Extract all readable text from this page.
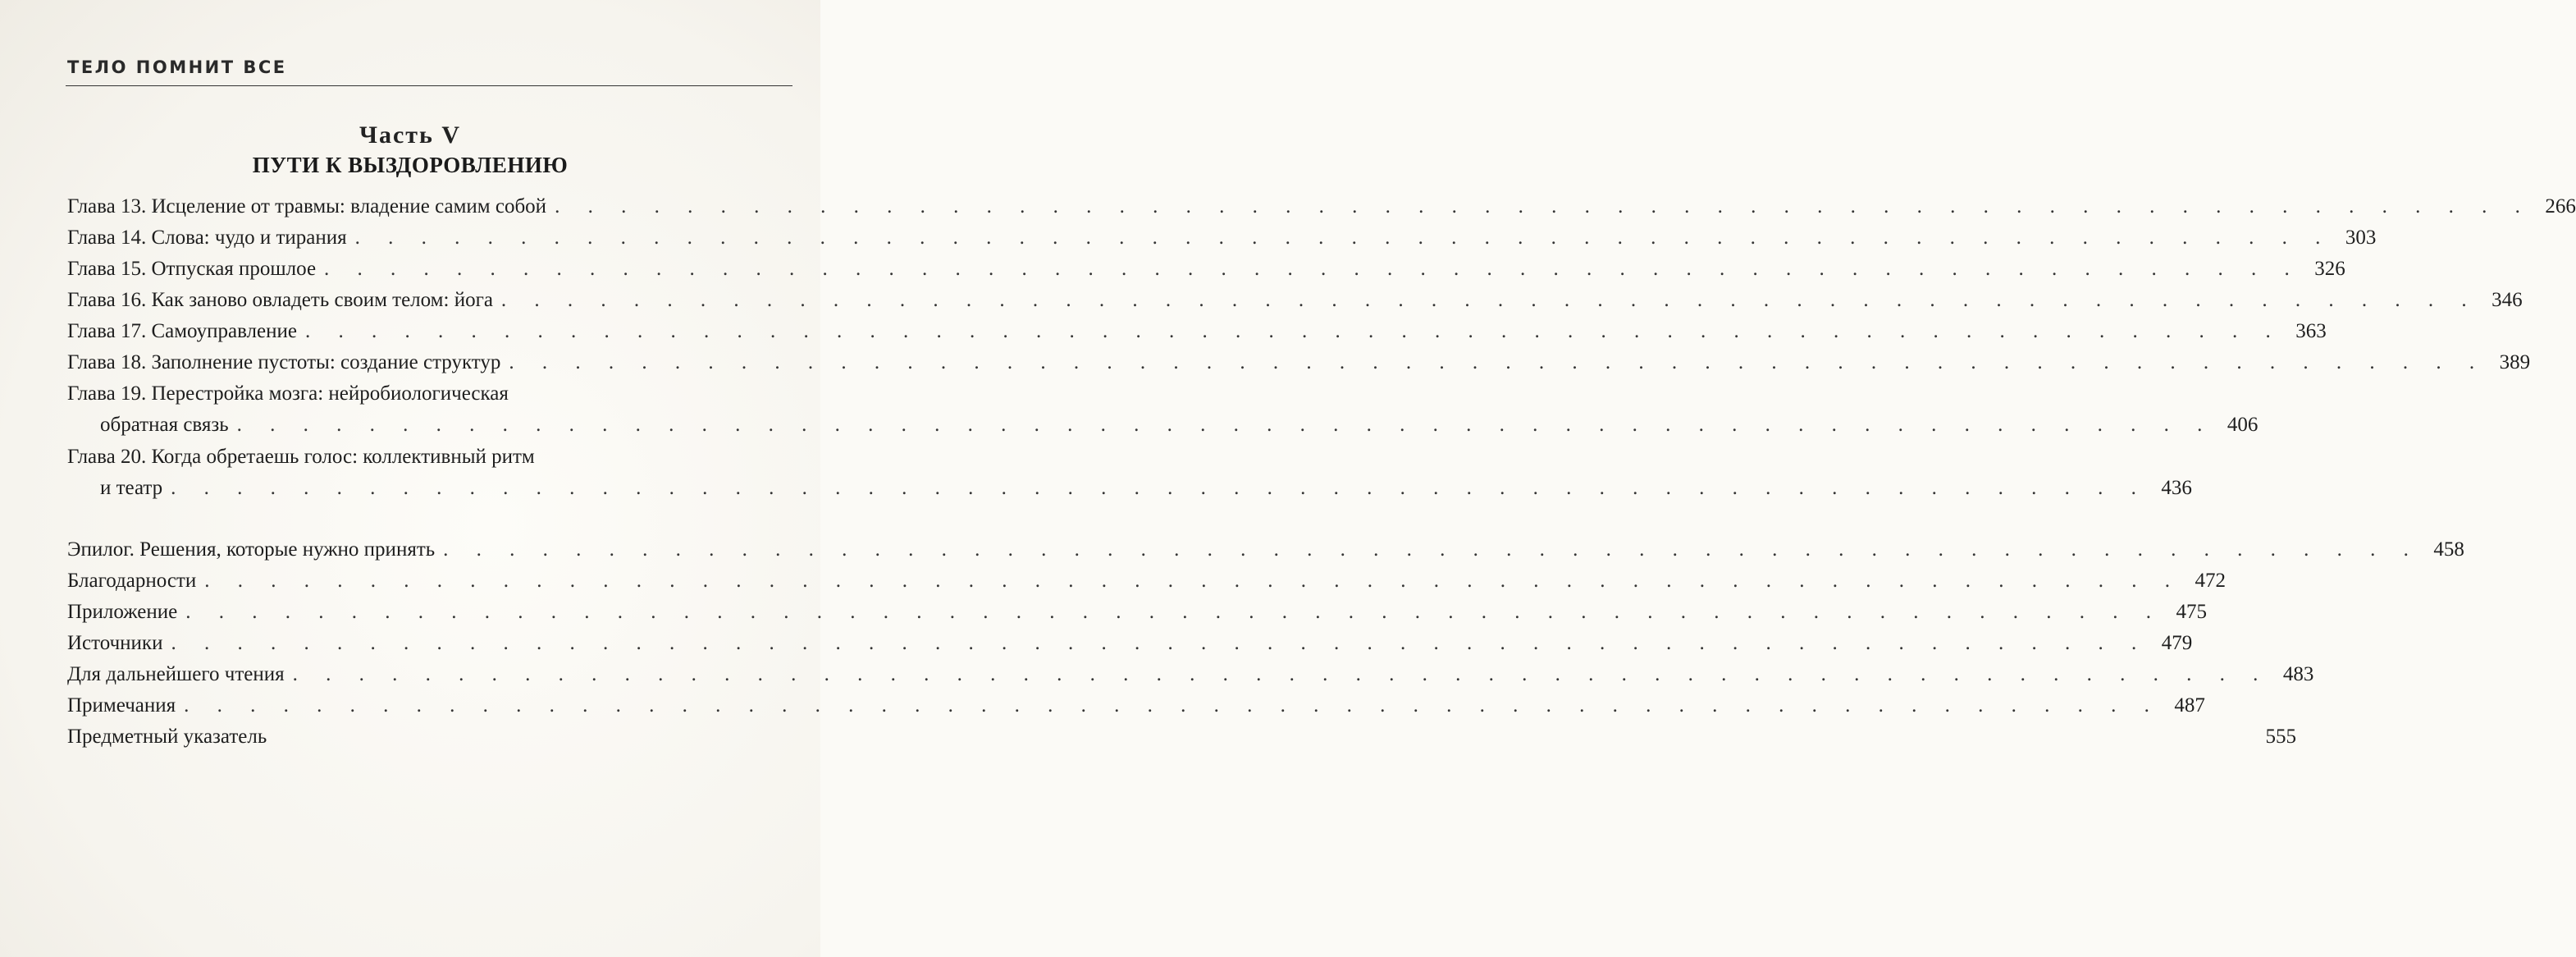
ТЕЛО ПОМНИТ ВСЕ
Часть V
ПУТИ К ВЫЗДОРОВЛЕНИЮ
Глава 13. Исцеление от травмы: владение самим собой . . . . . . . . . . . . . . . . . . . . . . . . . . . . . . . . . . . . . . . . . . . . . . . . . . . . . . . . . . . . 266
Глава 14. Слова: чудо и тирания . . . . . . . . . . . . . . . . . . . . . . . . . . . . . . . . . . . . . . . . . . . . . . . . . . . . . . . . . . . . 303
Глава 15. Отпуская прошлое . . . . . . . . . . . . . . . . . . . . . . . . . . . . . . . . . . . . . . . . . . . . . . . . . . . . . . . . . . . . 326
Глава 16. Как заново овладеть своим телом: йога . . . . . . . . . . . . . . . . . . . . . . . . . . . . . . . . . . . . . . . . . . . . . . . . . . . . . . . . . . . . 346
Глава 17. Самоуправление . . . . . . . . . . . . . . . . . . . . . . . . . . . . . . . . . . . . . . . . . . . . . . . . . . . . . . . . . . . . 363
Глава 18. Заполнение пустоты: создание структур . . . . . . . . . . . . . . . . . . . . . . . . . . . . . . . . . . . . . . . . . . . . . . . . . . . . . . . . . . . . 389
Глава 19. Перестройка мозга: нейробиологическая
обратная связь . . . . . . . . . . . . . . . . . . . . . . . . . . . . . . . . . . . . . . . . . . . . . . . . . . . . . . . . . . . . 406
Глава 20. Когда обретаешь голос: коллективный ритм
и театр . . . . . . . . . . . . . . . . . . . . . . . . . . . . . . . . . . . . . . . . . . . . . . . . . . . . . . . . . . . . 436
Эпилог. Решения, которые нужно принять . . . . . . . . . . . . . . . . . . . . . . . . . . . . . . . . . . . . . . . . . . . . . . . . . . . . . . . . . . . . 458
Благодарности . . . . . . . . . . . . . . . . . . . . . . . . . . . . . . . . . . . . . . . . . . . . . . . . . . . . . . . . . . . . 472
Приложение . . . . . . . . . . . . . . . . . . . . . . . . . . . . . . . . . . . . . . . . . . . . . . . . . . . . . . . . . . . . 475
Источники . . . . . . . . . . . . . . . . . . . . . . . . . . . . . . . . . . . . . . . . . . . . . . . . . . . . . . . . . . . . 479
Для дальнейшего чтения . . . . . . . . . . . . . . . . . . . . . . . . . . . . . . . . . . . . . . . . . . . . . . . . . . . . . . . . . . . . 483
Примечания . . . . . . . . . . . . . . . . . . . . . . . . . . . . . . . . . . . . . . . . . . . . . . . . . . . . . . . . . . . . 487
Предметный указатель	555
